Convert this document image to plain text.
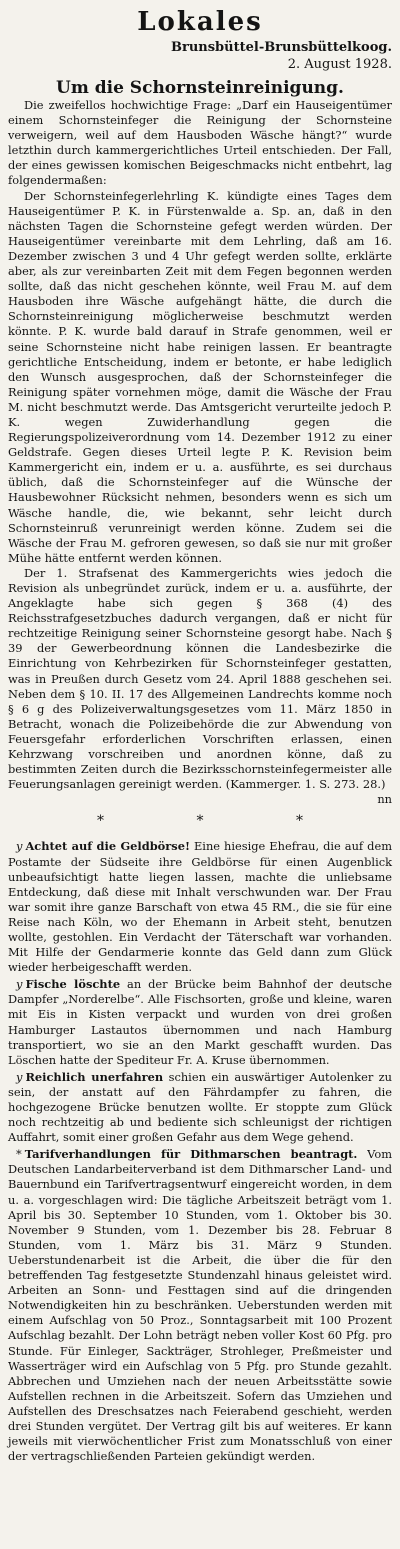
Lokales
Brunsbüttel-Brunsbüttelkoog.
2. August 1928.
Um die Schornsteinreinigung.

Die zweifellos hochwichtige Frage: „Darf ein Hauseigentümer einem Schornsteinfeger die Reinigung der Schornsteine verweigern, weil auf dem Hausboden Wäsche hängt?“ wurde letzthin durch kammergerichtliches Urteil entschieden. Der Fall, der eines gewissen komischen Beigeschmacks nicht entbehrt, lag folgendermaßen:

Der Schornsteinfegerlehrling K. kündigte eines Tages dem Hauseigentümer P. K. in Fürstenwalde a. Sp. an, daß in den nächsten Tagen die Schornsteine gefegt werden würden. Der Hauseigentümer vereinbarte mit dem Lehrling, daß am 16. Dezember zwischen 3 und 4 Uhr gefegt werden sollte, erklärte aber, als zur vereinbarten Zeit mit dem Fegen begonnen werden sollte, daß das nicht geschehen könnte, weil Frau M. auf dem Hausboden ihre Wäsche aufgehängt hätte, die durch die Schornsteinreinigung möglicherweise beschmutzt werden könnte. P. K. wurde bald darauf in Strafe genommen, weil er seine Schornsteine nicht habe reinigen lassen. Er beantragte gerichtliche Entscheidung, indem er betonte, er habe lediglich den Wunsch ausgesprochen, daß der Schornsteinfeger die Reinigung später vornehmen möge, damit die Wäsche der Frau M. nicht beschmutzt werde. Das Amtsgericht verurteilte jedoch P. K. wegen Zuwiderhandlung gegen die Regierungspolizeiverordnung vom 14. Dezember 1912 zu einer Geldstrafe. Gegen dieses Urteil legte P. K. Revision beim Kammergericht ein, indem er u. a. ausführte, es sei durchaus üblich, daß die Schornsteinfeger auf die Wünsche der Hausbewohner Rücksicht nehmen, besonders wenn es sich um Wäsche handle, die, wie bekannt, sehr leicht durch Schornsteinruß verunreinigt werden könne. Zudem sei die Wäsche der Frau M. gefroren gewesen, so daß sie nur mit großer Mühe hätte entfernt werden können.

Der 1. Strafsenat des Kammergerichts wies jedoch die Revision als unbegründet zurück, indem er u. a. ausführte, der Angeklagte habe sich gegen § 368 (4) des Reichsstrafgesetzbuches dadurch vergangen, daß er nicht für rechtzeitige Reinigung seiner Schornsteine gesorgt habe. Nach § 39 der Gewerbeordnung können die Landesbezirke die Einrichtung von Kehrbezirken für Schornsteinfeger gestatten, was in Preußen durch Gesetz vom 24. April 1888 geschehen sei. Neben dem § 10. II. 17 des Allgemeinen Landrechts komme noch § 6 g des Polizeiverwaltungsgesetzes vom 11. März 1850 in Betracht, wonach die Polizeibehörde die zur Abwendung von Feuersgefahr erforderlichen Vorschriften erlassen, einen Kehrzwang vorschreiben und anordnen könne, daß zu bestimmten Zeiten durch die Bezirksschornsteinfegermeister alle Feuerungsanlagen gereinigt werden. (Kammerger. 1. S. 273. 28.)

nn
* * *

y Achtet auf die Geldbörse! Eine hiesige Ehefrau, die auf dem Postamte der Südseite ihre Geldbörse für einen Augenblick unbeaufsichtigt hatte liegen lassen, machte die unliebsame Entdeckung, daß diese mit Inhalt verschwunden war. Der Frau war somit ihre ganze Barschaft von etwa 45 RM., die sie für eine Reise nach Köln, wo der Ehemann in Arbeit steht, benutzen wollte, gestohlen. Ein Verdacht der Täterschaft war vorhanden. Mit Hilfe der Gendarmerie konnte das Geld dann zum Glück wieder herbeigeschafft werden.

y Fische löschte an der Brücke beim Bahnhof der deutsche Dampfer „Norderelbe“. Alle Fischsorten, große und kleine, waren mit Eis in Kisten verpackt und wurden von drei großen Hamburger Lastautos übernommen und nach Hamburg transportiert, wo sie an den Markt geschafft wurden. Das Löschen hatte der Spediteur Fr. A. Kruse übernommen.

y Reichlich unerfahren schien ein auswärtiger Autolenker zu sein, der anstatt auf den Fährdampfer zu fahren, die hochgezogene Brücke benutzen wollte. Er stoppte zum Glück noch rechtzeitig ab und bediente sich schleunigst der richtigen Auffahrt, somit einer großen Gefahr aus dem Wege gehend.

* Tarifverhandlungen für Dithmarschen beantragt. Vom Deutschen Landarbeiterverband ist dem Dithmarscher Land- und Bauernbund ein Tarifvertragsentwurf eingereicht worden, in dem u. a. vorgeschlagen wird: Die tägliche Arbeitszeit beträgt vom 1. April bis 30. September 10 Stunden, vom 1. Oktober bis 30. November 9 Stunden, vom 1. Dezember bis 28. Februar 8 Stunden, vom 1. März bis 31. März 9 Stunden. Ueberstundenarbeit ist die Arbeit, die über die für den betreffenden Tag festgesetzte Stundenzahl hinaus geleistet wird. Arbeiten an Sonn- und Festtagen sind auf die dringenden Notwendigkeiten hin zu beschränken. Ueberstunden werden mit einem Aufschlag von 50 Proz., Sonntagsarbeit mit 100 Prozent Aufschlag bezahlt. Der Lohn beträgt neben voller Kost 60 Pfg. pro Stunde. Für Einleger, Sackträger, Strohleger, Preßmeister und Wasserträger wird ein Aufschlag von 5 Pfg. pro Stunde gezahlt. Abbrechen und Umziehen nach der neuen Arbeitsstätte sowie Aufstellen rechnen in die Arbeitszeit. Sofern das Umziehen und Aufstellen des Dreschsatzes nach Feierabend geschieht, werden drei Stunden vergütet. Der Vertrag gilt bis auf weiteres. Er kann jeweils mit vierwöchentlicher Frist zum Monatsschluß von einer der vertragschließenden Parteien gekündigt werden.
